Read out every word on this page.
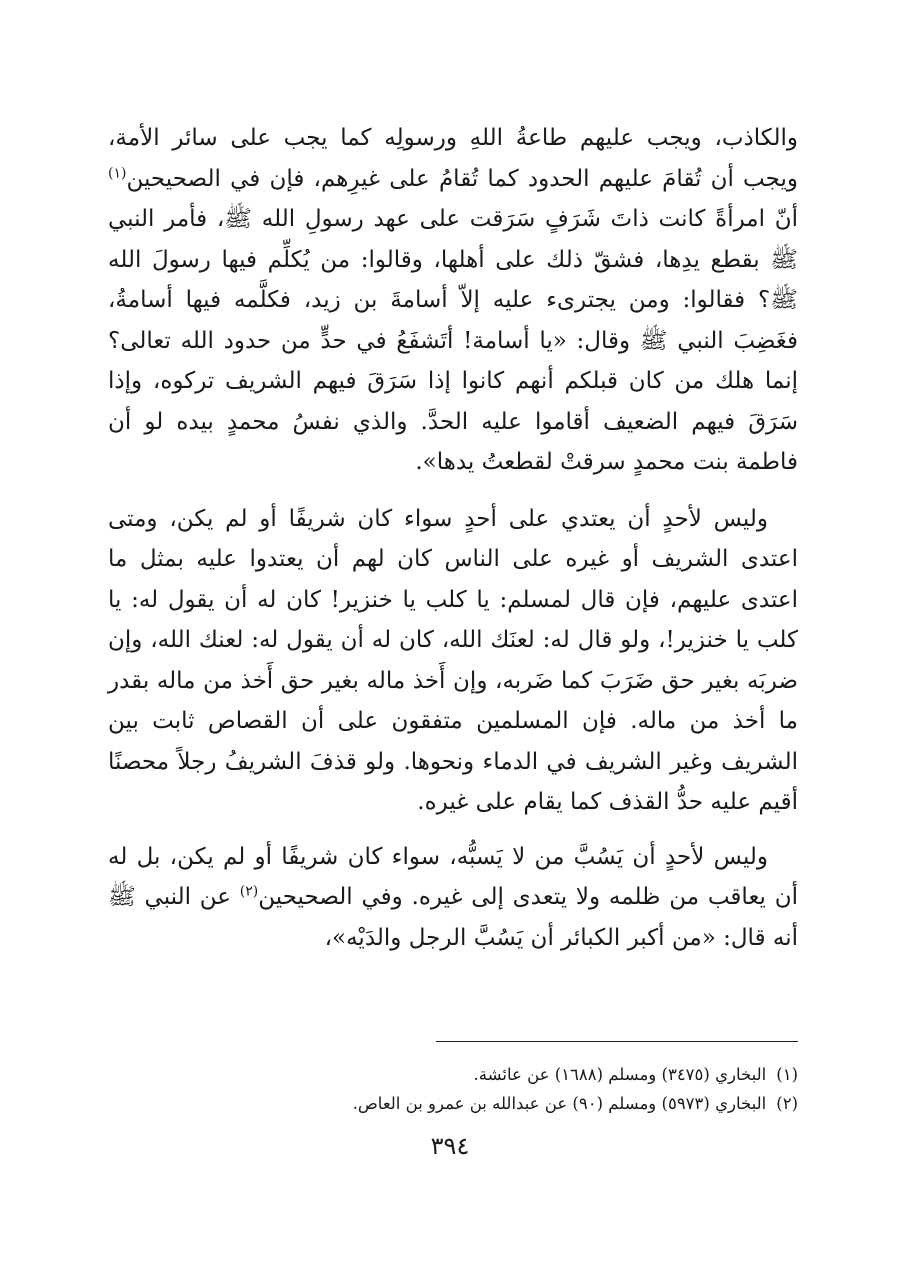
والكاذب، ويجب عليهم طاعةُ اللهِ ورسولِه كما يجب على سائر الأمة، ويجب أن تُقامَ عليهم الحدود كما تُقامُ على غيرِهم، فإن في الصحيحين$^{(١)}$ أنّ امرأةً كانت ذاتَ شَرَفٍ سَرَقت على عهد رسولِ الله ﷺ، فأمر النبي ﷺ بقطع يدِها، فشقّ ذلك على أهلها، وقالوا: من يُكلِّم فيها رسولَ الله ﷺ؟ فقالوا: ومن يجترىء عليه إلاّ أسامةَ بن زيد، فكلَّمه فيها أسامةُ، فغَضِبَ النبي ﷺ وقال: «يا أسامة! أتَشفَعُ في حدٍّ من حدود الله تعالى؟ إنما هلك من كان قبلكم أنهم كانوا إذا سَرَقَ فيهم الشريف تركوه، وإذا سَرَقَ فيهم الضعيف أقاموا عليه الحدَّ. والذي نفسُ محمدٍ بيده لو أن فاطمة بنت محمدٍ سرقتْ لقطعتُ يدها».

وليس لأحدٍ أن يعتدي على أحدٍ سواء كان شريفًا أو لم يكن، ومتى اعتدى الشريف أو غيره على الناس كان لهم أن يعتدوا عليه بمثل ما اعتدى عليهم، فإن قال لمسلم: يا كلب يا خنزير! كان له أن يقول له: يا كلب يا خنزير!، ولو قال له: لعنَك الله، كان له أن يقول له: لعنك الله، وإن ضربَه بغير حق ضَرَبَ كما ضَربه، وإن أَخذ ماله بغير حق أَخذ من ماله بقدر ما أخذ من ماله. فإن المسلمين متفقون على أن القصاص ثابت بين الشريف وغير الشريف في الدماء ونحوها. ولو قذفَ الشريفُ رجلاً محصنًا أقيم عليه حدُّ القذف كما يقام على غيره.

وليس لأحدٍ أن يَسُبَّ من لا يَسبُّه، سواء كان شريفًا أو لم يكن، بل له أن يعاقب من ظلمه ولا يتعدى إلى غيره. وفي الصحيحين$^{(٢)}$ عن النبي ﷺ أنه قال: «من أكبر الكبائر أن يَسُبَّ الرجل والدَيْه»،

(١)البخاري (٣٤٧٥) ومسلم (١٦٨٨) عن عائشة.
(٢)البخاري (٥٩٧٣) ومسلم (٩٠) عن عبدالله بن عمرو بن العاص.
٣٩٤
